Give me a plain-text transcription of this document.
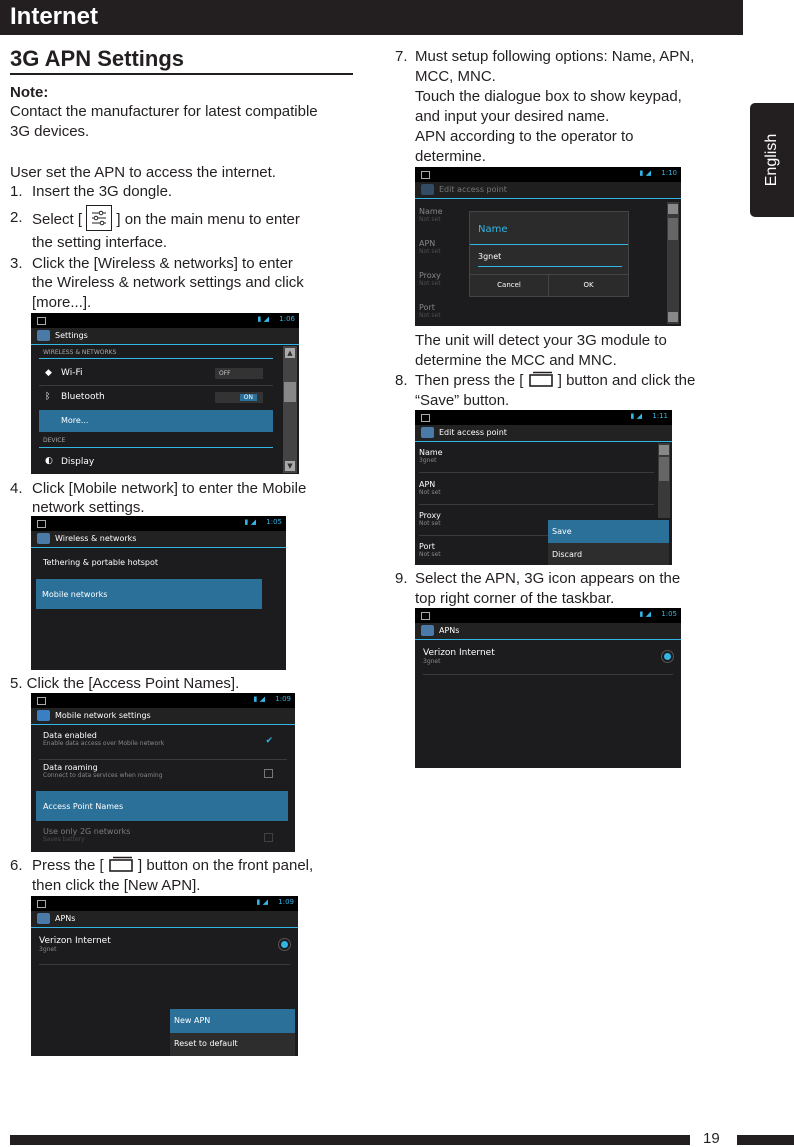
Internet
English
3G APN Settings
Note:
Contact the manufacturer for latest compatible
3G devices.
User set the APN to access the internet.
1. Insert the 3G dongle.
2. Select [ ] on the main menu to enter
the setting interface.
3. Click the [Wireless & networks] to enter
the Wireless & network settings and click
[more...].
▮ ◢ 1:06
Settings
WIRELESS & NETWORKS
◆ Wi-Fi	OFF
ᛒ Bluetooth	ON
More...
DEVICE
◐ Display
▲
▼
4. Click [Mobile network] to enter the Mobile
network settings.
▮ ◢ 1:05
Wireless & networks
Tethering & portable hotspot
Mobile networks
5. Click the [Access Point Names].
▮ ◢ 1:09
Mobile network settings
Data enabled
Enable data access over Mobile network	✔
Data roaming
Connect to data services when roaming
Access Point Names
Use only 2G networks
Saves battery
6. Press the [ ] button on the front panel,
then click the [New APN].
▮ ◢ 1:09
APNs
Verizon Internet
3gnet
New APN
Reset to default
7. Must setup following options: Name, APN,
MCC, MNC.
Touch the dialogue box to show keypad,
and input your desired name.
APN according to the operator to
determine.
▮ ◢ 1:10
Edit access point
Name
Not set
APN
Not set
Proxy
Not set
Port
Not set
Name
3gnet
Cancel	OK
The unit will detect your 3G module to
determine the MCC and MNC.
8. Then press the [ ] button and click the
“Save” button.
▮ ◢ 1:11
Edit access point
Name
3gnet
APN
Not set
Proxy
Not set
Port
Not set
Save
Discard
9. Select the APN, 3G icon appears on the
top right corner of the taskbar.
▮ ◢ 1:05
APNs
Verizon Internet
3gnet
19
